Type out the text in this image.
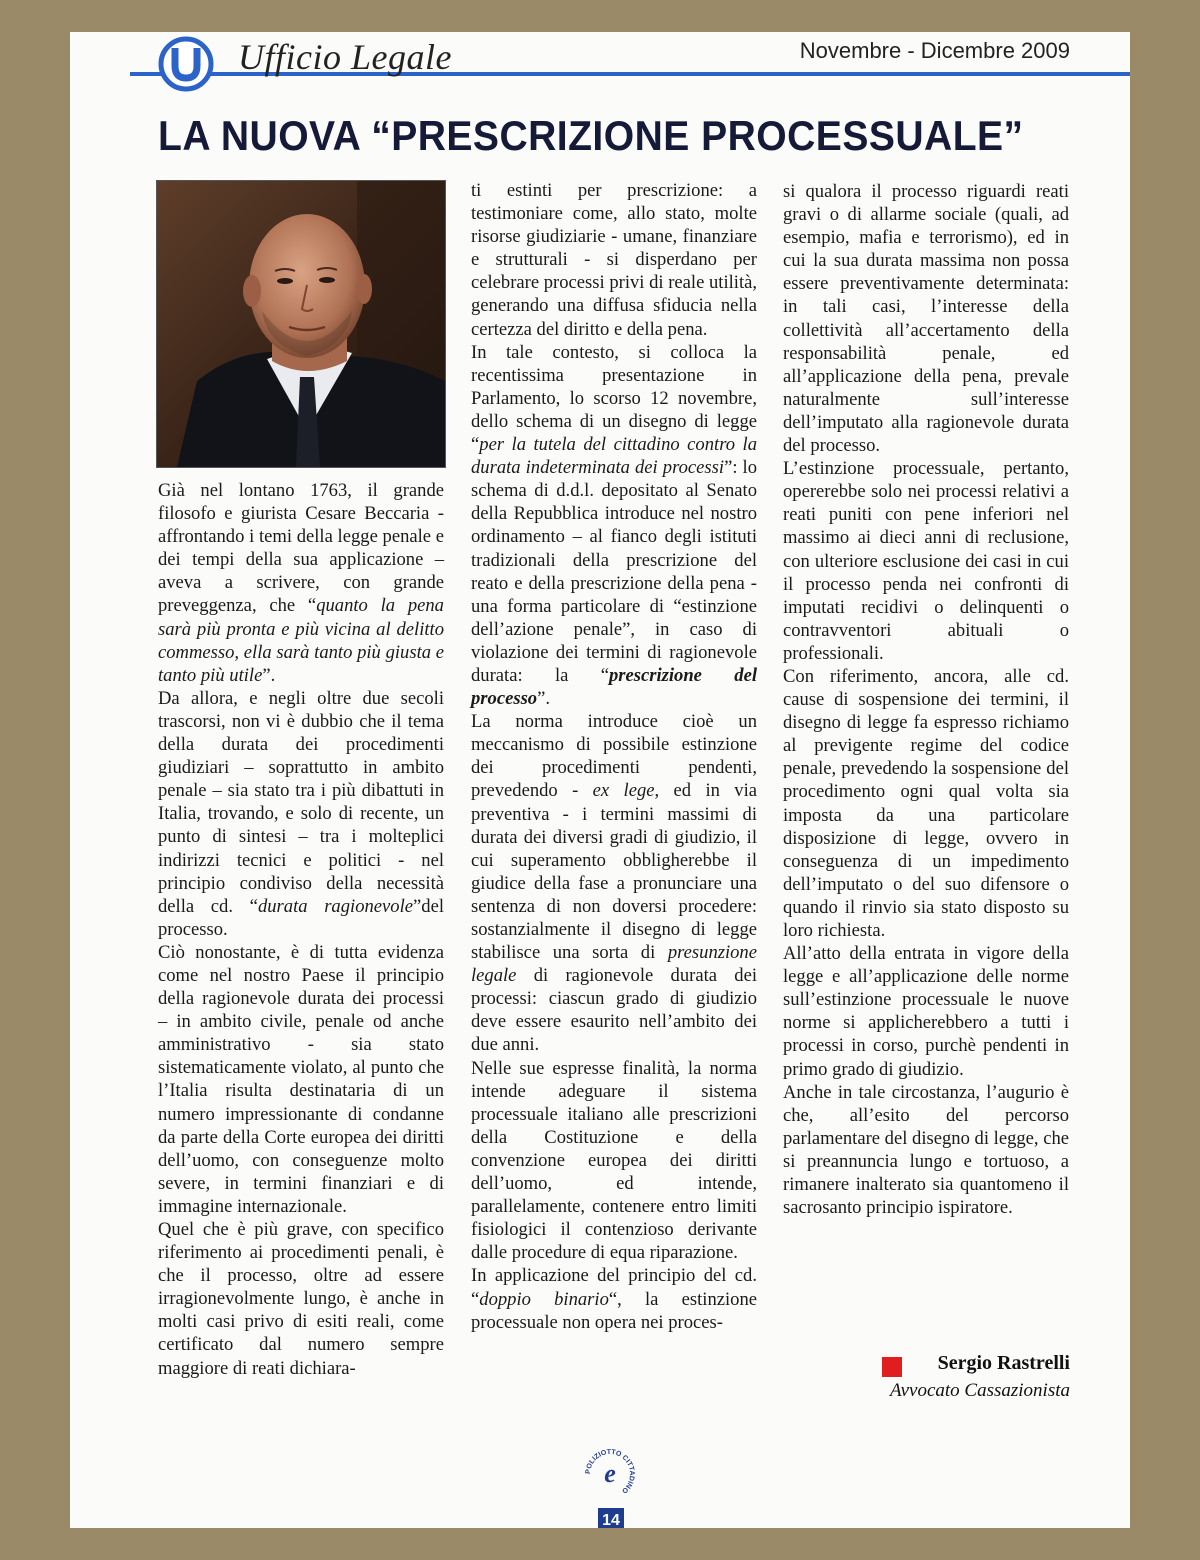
Ufficio Legale	Novembre - Dicembre 2009
LA NUOVA “PRESCRIZIONE PROCESSUALE”

Già nel lontano 1763, il grande filosofo e giurista Cesare Beccaria - affrontando i temi della legge penale e dei tempi della sua applicazione – aveva a scrivere, con grande preveggenza, che “quanto la pena sarà più pronta e più vicina al delitto commesso, ella sarà tanto più giusta e tanto più utile”.

Da allora, e negli oltre due secoli trascorsi, non vi è dubbio che il tema della durata dei procedimenti giudiziari – soprattutto in ambito penale – sia stato tra i più dibattuti in Italia, trovando, e solo di recente, un punto di sintesi – tra i molteplici indirizzi tecnici e politici - nel principio condiviso della necessità della cd. “durata ragionevole”del processo.

Ciò nonostante, è di tutta evidenza come nel nostro Paese il principio della ragionevole durata dei processi – in ambito civile, penale od anche amministrativo - sia stato sistematicamente violato, al punto che l’Italia risulta destinataria di un numero impressionante di condanne da parte della Corte europea dei diritti dell’uomo, con conseguenze molto severe, in termini finanziari e di immagine internazionale.

Quel che è più grave, con specifico riferimento ai procedimenti penali, è che il processo, oltre ad essere irragionevolmente lungo, è anche in molti casi privo di esiti reali, come certificato dal numero sempre maggiore di reati dichiara-

ti estinti per prescrizione: a testimoniare come, allo stato, molte risorse giudiziarie - umane, finanziare e strutturali - si disperdano per celebrare processi privi di reale utilità, generando una diffusa sfiducia nella certezza del diritto e della pena.

In tale contesto, si colloca la recentissima presentazione in Parlamento, lo scorso 12 novembre, dello schema di un disegno di legge “per la tutela del cittadino contro la durata indeterminata dei processi”: lo schema di d.d.l. depositato al Senato della Repubblica introduce nel nostro ordinamento – al fianco degli istituti tradizionali della prescrizione del reato e della prescrizione della pena - una forma particolare di “estinzione dell’azione penale”, in caso di violazione dei termini di ragionevole durata: la “prescrizione del processo”.

La norma introduce cioè un meccanismo di possibile estinzione dei procedimenti pendenti, prevedendo - ex lege, ed in via preventiva - i termini massimi di durata dei diversi gradi di giudizio, il cui superamento obbligherebbe il giudice della fase a pronunciare una sentenza di non doversi procedere: sostanzialmente il disegno di legge stabilisce una sorta di presunzione legale di ragionevole durata dei processi: ciascun grado di giudizio deve essere esaurito nell’ambito dei due anni.

Nelle sue espresse finalità, la norma intende adeguare il sistema processuale italiano alle prescrizioni della Costituzione e della convenzione europea dei diritti dell’uomo, ed intende, parallelamente, contenere entro limiti fisiologici il contenzioso derivante dalle procedure di equa riparazione.

In applicazione del principio del cd. “doppio binario“, la estinzione processuale non opera nei proces-

si qualora il processo riguardi reati gravi o di allarme sociale (quali, ad esempio, mafia e terrorismo), ed in cui la sua durata massima non possa essere preventivamente determinata: in tali casi, l’interesse della collettività all’accertamento della responsabilità penale, ed all’applicazione della pena, prevale naturalmente sull’interesse dell’imputato alla ragionevole durata del processo.

L’estinzione processuale, pertanto, opererebbe solo nei processi relativi a reati puniti con pene inferiori nel massimo ai dieci anni di reclusione, con ulteriore esclusione dei casi in cui il processo penda nei confronti di imputati recidivi o delinquenti o contravventori abituali o professionali.

Con riferimento, ancora, alle cd. cause di sospensione dei termini, il disegno di legge fa espresso richiamo al previgente regime del codice penale, prevedendo la sospensione del procedimento ogni qual volta sia imposta da una particolare disposizione di legge, ovvero in conseguenza di un impedimento dell’imputato o del suo difensore o quando il rinvio sia stato disposto su loro richiesta.

All’atto della entrata in vigore della legge e all’applicazione delle norme sull’estinzione processuale le nuove norme si applicherebbero a tutti i processi in corso, purchè pendenti in primo grado di giudizio.

Anche in tale circostanza, l’augurio è che, all’esito del percorso parlamentare del disegno di legge, che si preannuncia lungo e tortuoso, a rimanere inalterato sia quantomeno il sacrosanto principio ispiratore.

Sergio Rastrelli
Avvocato Cassazionista
POLIZIOTTO CITTADINO
e
14
